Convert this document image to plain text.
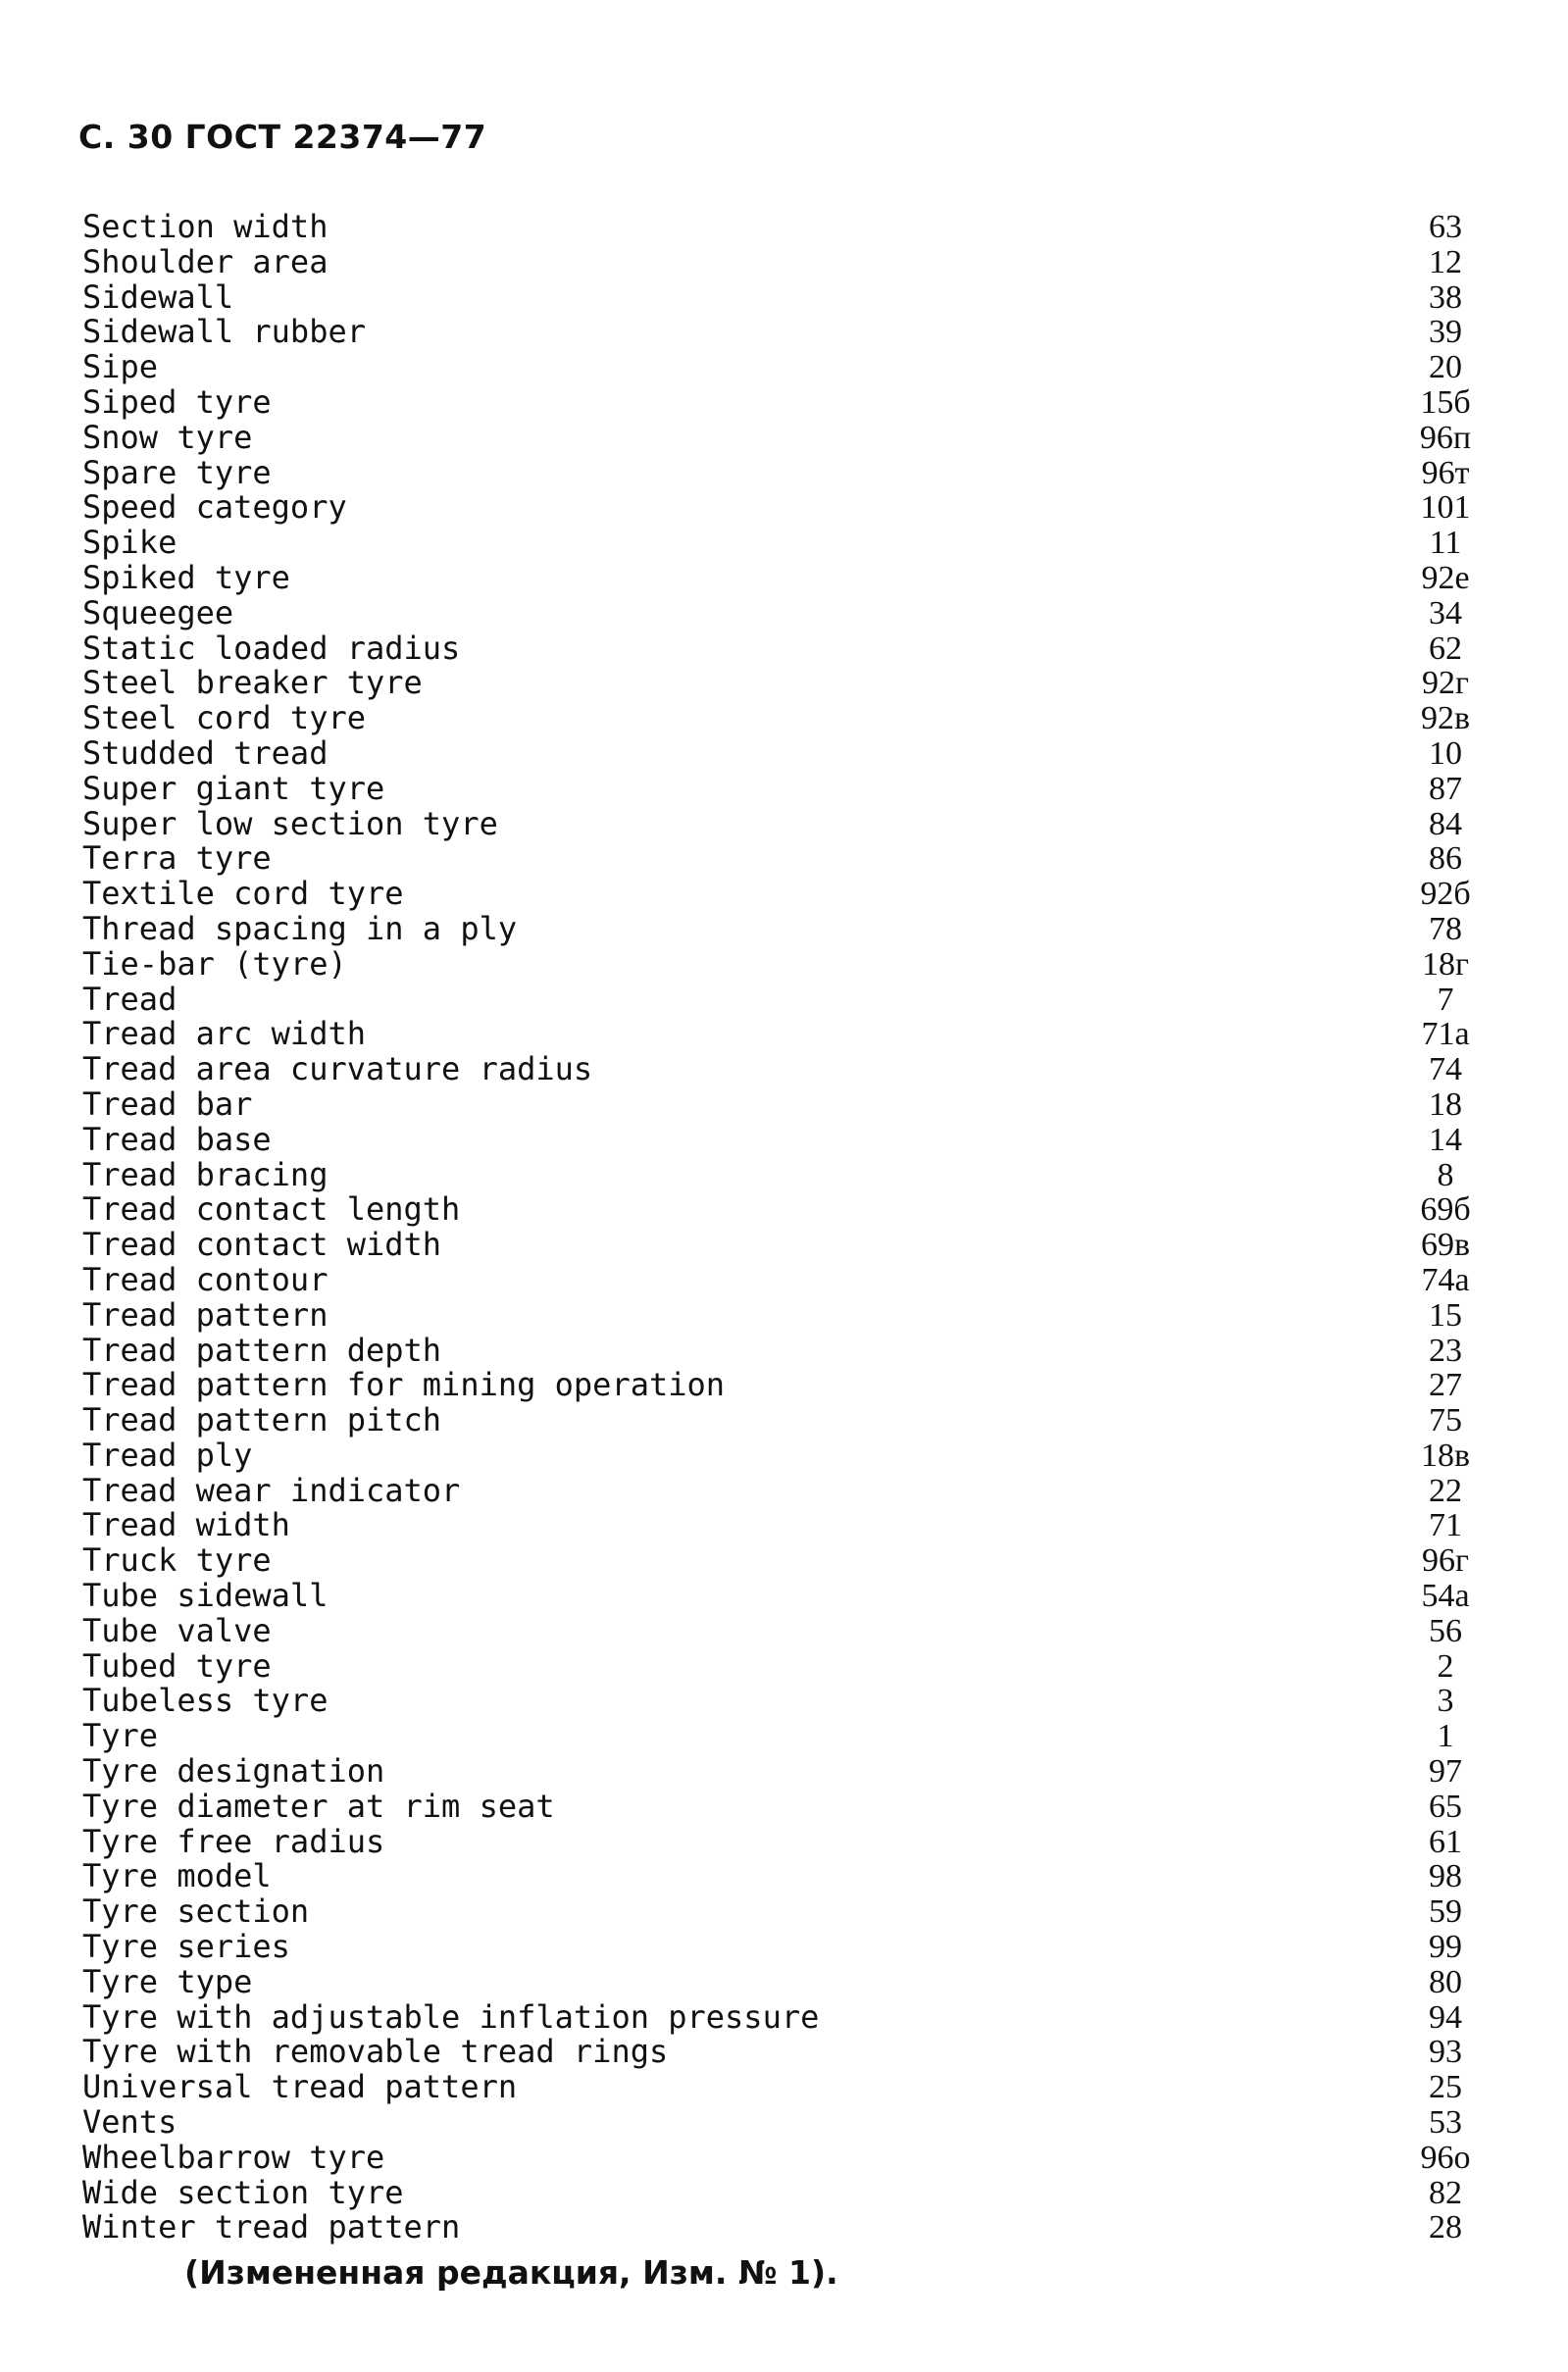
С. 30 ГОСТ 22374—77
Section width	63
Shoulder area	12
Sidewall	38
Sidewall rubber	39
Sipe	20
Siped tyre	15б
Snow tyre	96п
Spare tyre	96т
Speed category	101
Spike	11
Spiked tyre	92е
Squeegee	34
Static loaded radius	62
Steel breaker tyre	92г
Steel cord tyre	92в
Studded tread	10
Super giant tyre	87
Super low section tyre	84
Terra tyre	86
Textile cord tyre	92б
Thread spacing in a ply	78
Tie-bar (tyre)	18г
Tread	7
Tread arc width	71а
Tread area curvature radius	74
Tread bar	18
Tread base	14
Tread bracing	8
Tread contact length	69б
Tread contact width	69в
Tread contour	74а
Tread pattern	15
Tread pattern depth	23
Tread pattern for mining operation	27
Tread pattern pitch	75
Tread ply	18в
Tread wear indicator	22
Tread width	71
Truck tyre	96г
Tube sidewall	54а
Tube valve	56
Tubed tyre	2
Tubeless tyre	3
Tyre	1
Tyre designation	97
Tyre diameter at rim seat	65
Tyre free radius	61
Tyre model	98
Tyre section	59
Tyre series	99
Tyre type	80
Tyre with adjustable inflation pressure	94
Tyre with removable tread rings	93
Universal tread pattern	25
Vents	53
Wheelbarrow tyre	96о
Wide section tyre	82
Winter tread pattern	28
(Измененная редакция, Изм. № 1).
